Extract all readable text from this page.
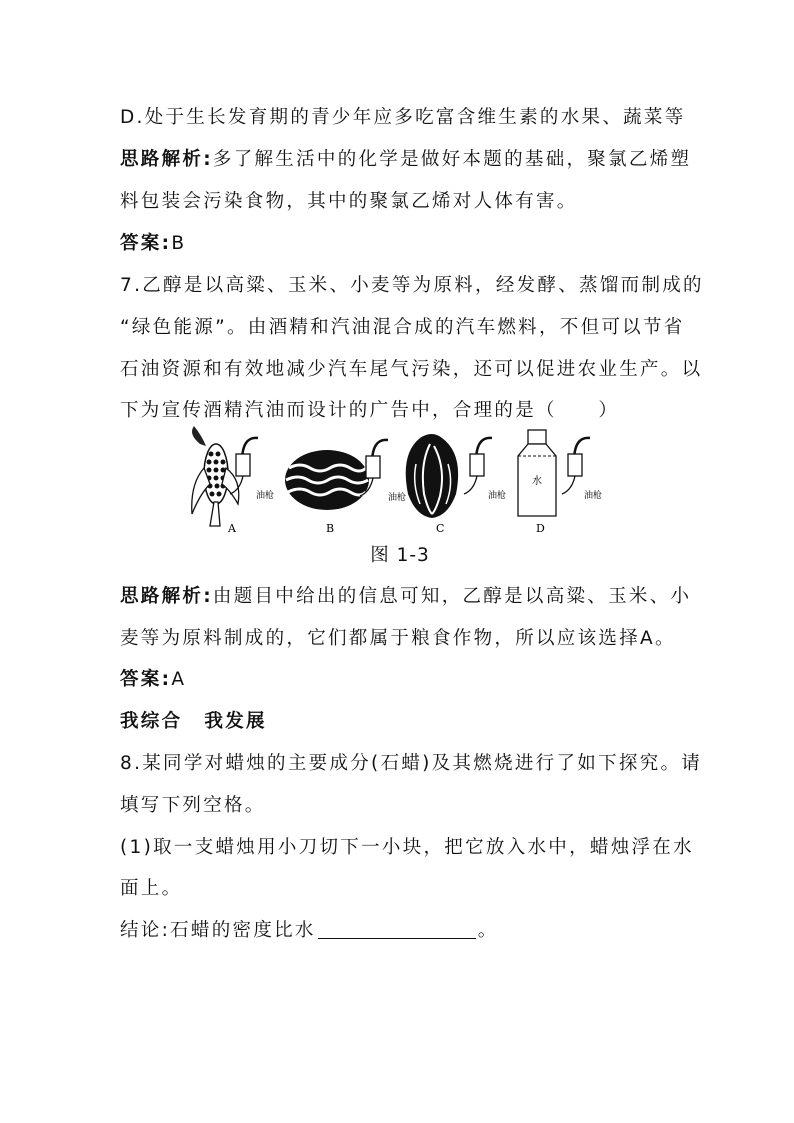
D.处于生长发育期的青少年应多吃富含维生素的水果、蔬菜等
思路解析:多了解生活中的化学是做好本题的基础，聚氯乙烯塑
料包装会污染食物，其中的聚氯乙烯对人体有害。
答案:B
7.乙醇是以高粱、玉米、小麦等为原料，经发酵、蒸馏而制成的
“绿色能源”。由酒精和汽油混合成的汽车燃料，不但可以节省
石油资源和有效地减少汽车尾气污染，还可以促进农业生产。以
下为宣传酒精汽油而设计的广告中，合理的是（　　）
油枪
A
油枪
B
油枪
C
水
油枪
D
图 1-3
思路解析:由题目中给出的信息可知，乙醇是以高粱、玉米、小
麦等为原料制成的，它们都属于粮食作物，所以应该选择A。
答案:A
我综合 我发展
8.某同学对蜡烛的主要成分(石蜡)及其燃烧进行了如下探究。请
填写下列空格。
(1)取一支蜡烛用小刀切下一小块，把它放入水中，蜡烛浮在水
面上。
结论:石蜡的密度比水	。
